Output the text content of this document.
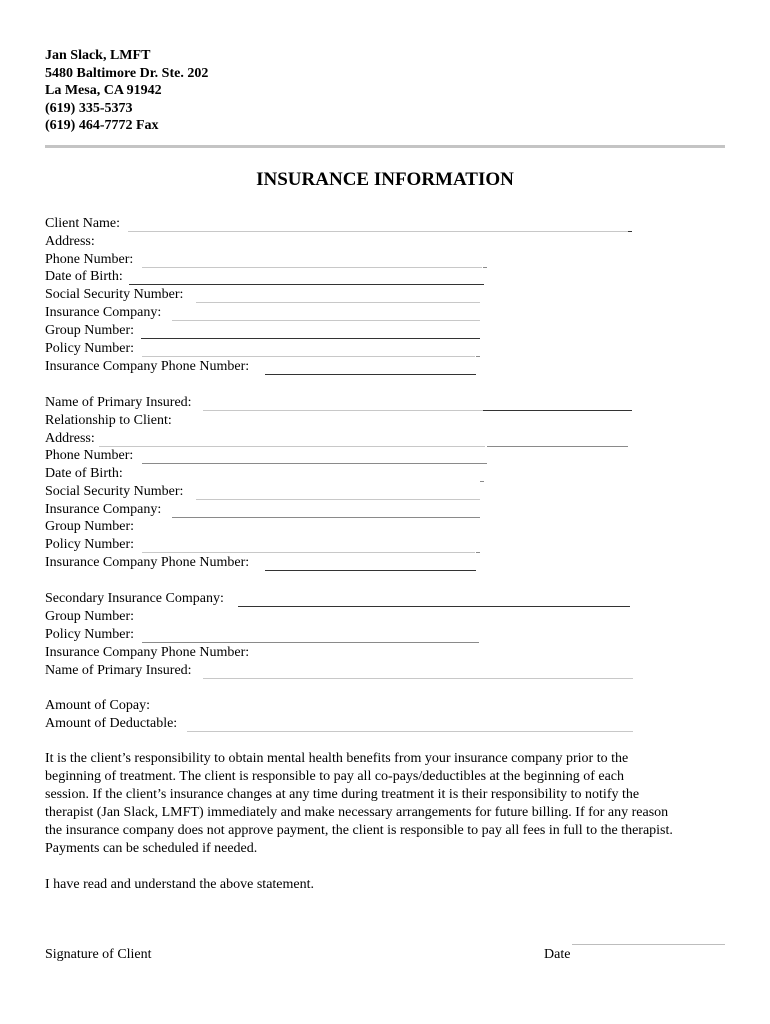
Jan Slack, LMFT
5480 Baltimore Dr. Ste. 202
La Mesa, CA 91942
(619) 335-5373
(619) 464-7772 Fax
INSURANCE INFORMATION
Client Name:
Address:
Phone Number:
Date of Birth:
Social Security Number:
Insurance Company:
Group Number:
Policy Number:
Insurance Company Phone Number:
Name of Primary Insured:
Relationship to Client:
Address:
Phone Number:
Date of Birth:
Social Security Number:
Insurance Company:
Group Number:
Policy Number:
Insurance Company Phone Number:
Secondary Insurance Company:
Group Number:
Policy Number:
Insurance Company Phone Number:
Name of Primary Insured:
Amount of Copay:
Amount of Deductable:
It is the client’s responsibility to obtain mental health benefits from your insurance company prior to the
beginning of treatment. The client is responsible to pay all co-pays/deductibles at the beginning of each
session. If the client’s insurance changes at any time during treatment it is their responsibility to notify the
therapist (Jan Slack, LMFT) immediately and make necessary arrangements for future billing. If for any reason
the insurance company does not approve payment, the client is responsible to pay all fees in full to the therapist.
Payments can be scheduled if needed.
I have read and understand the above statement.
Signature of Client	Date
